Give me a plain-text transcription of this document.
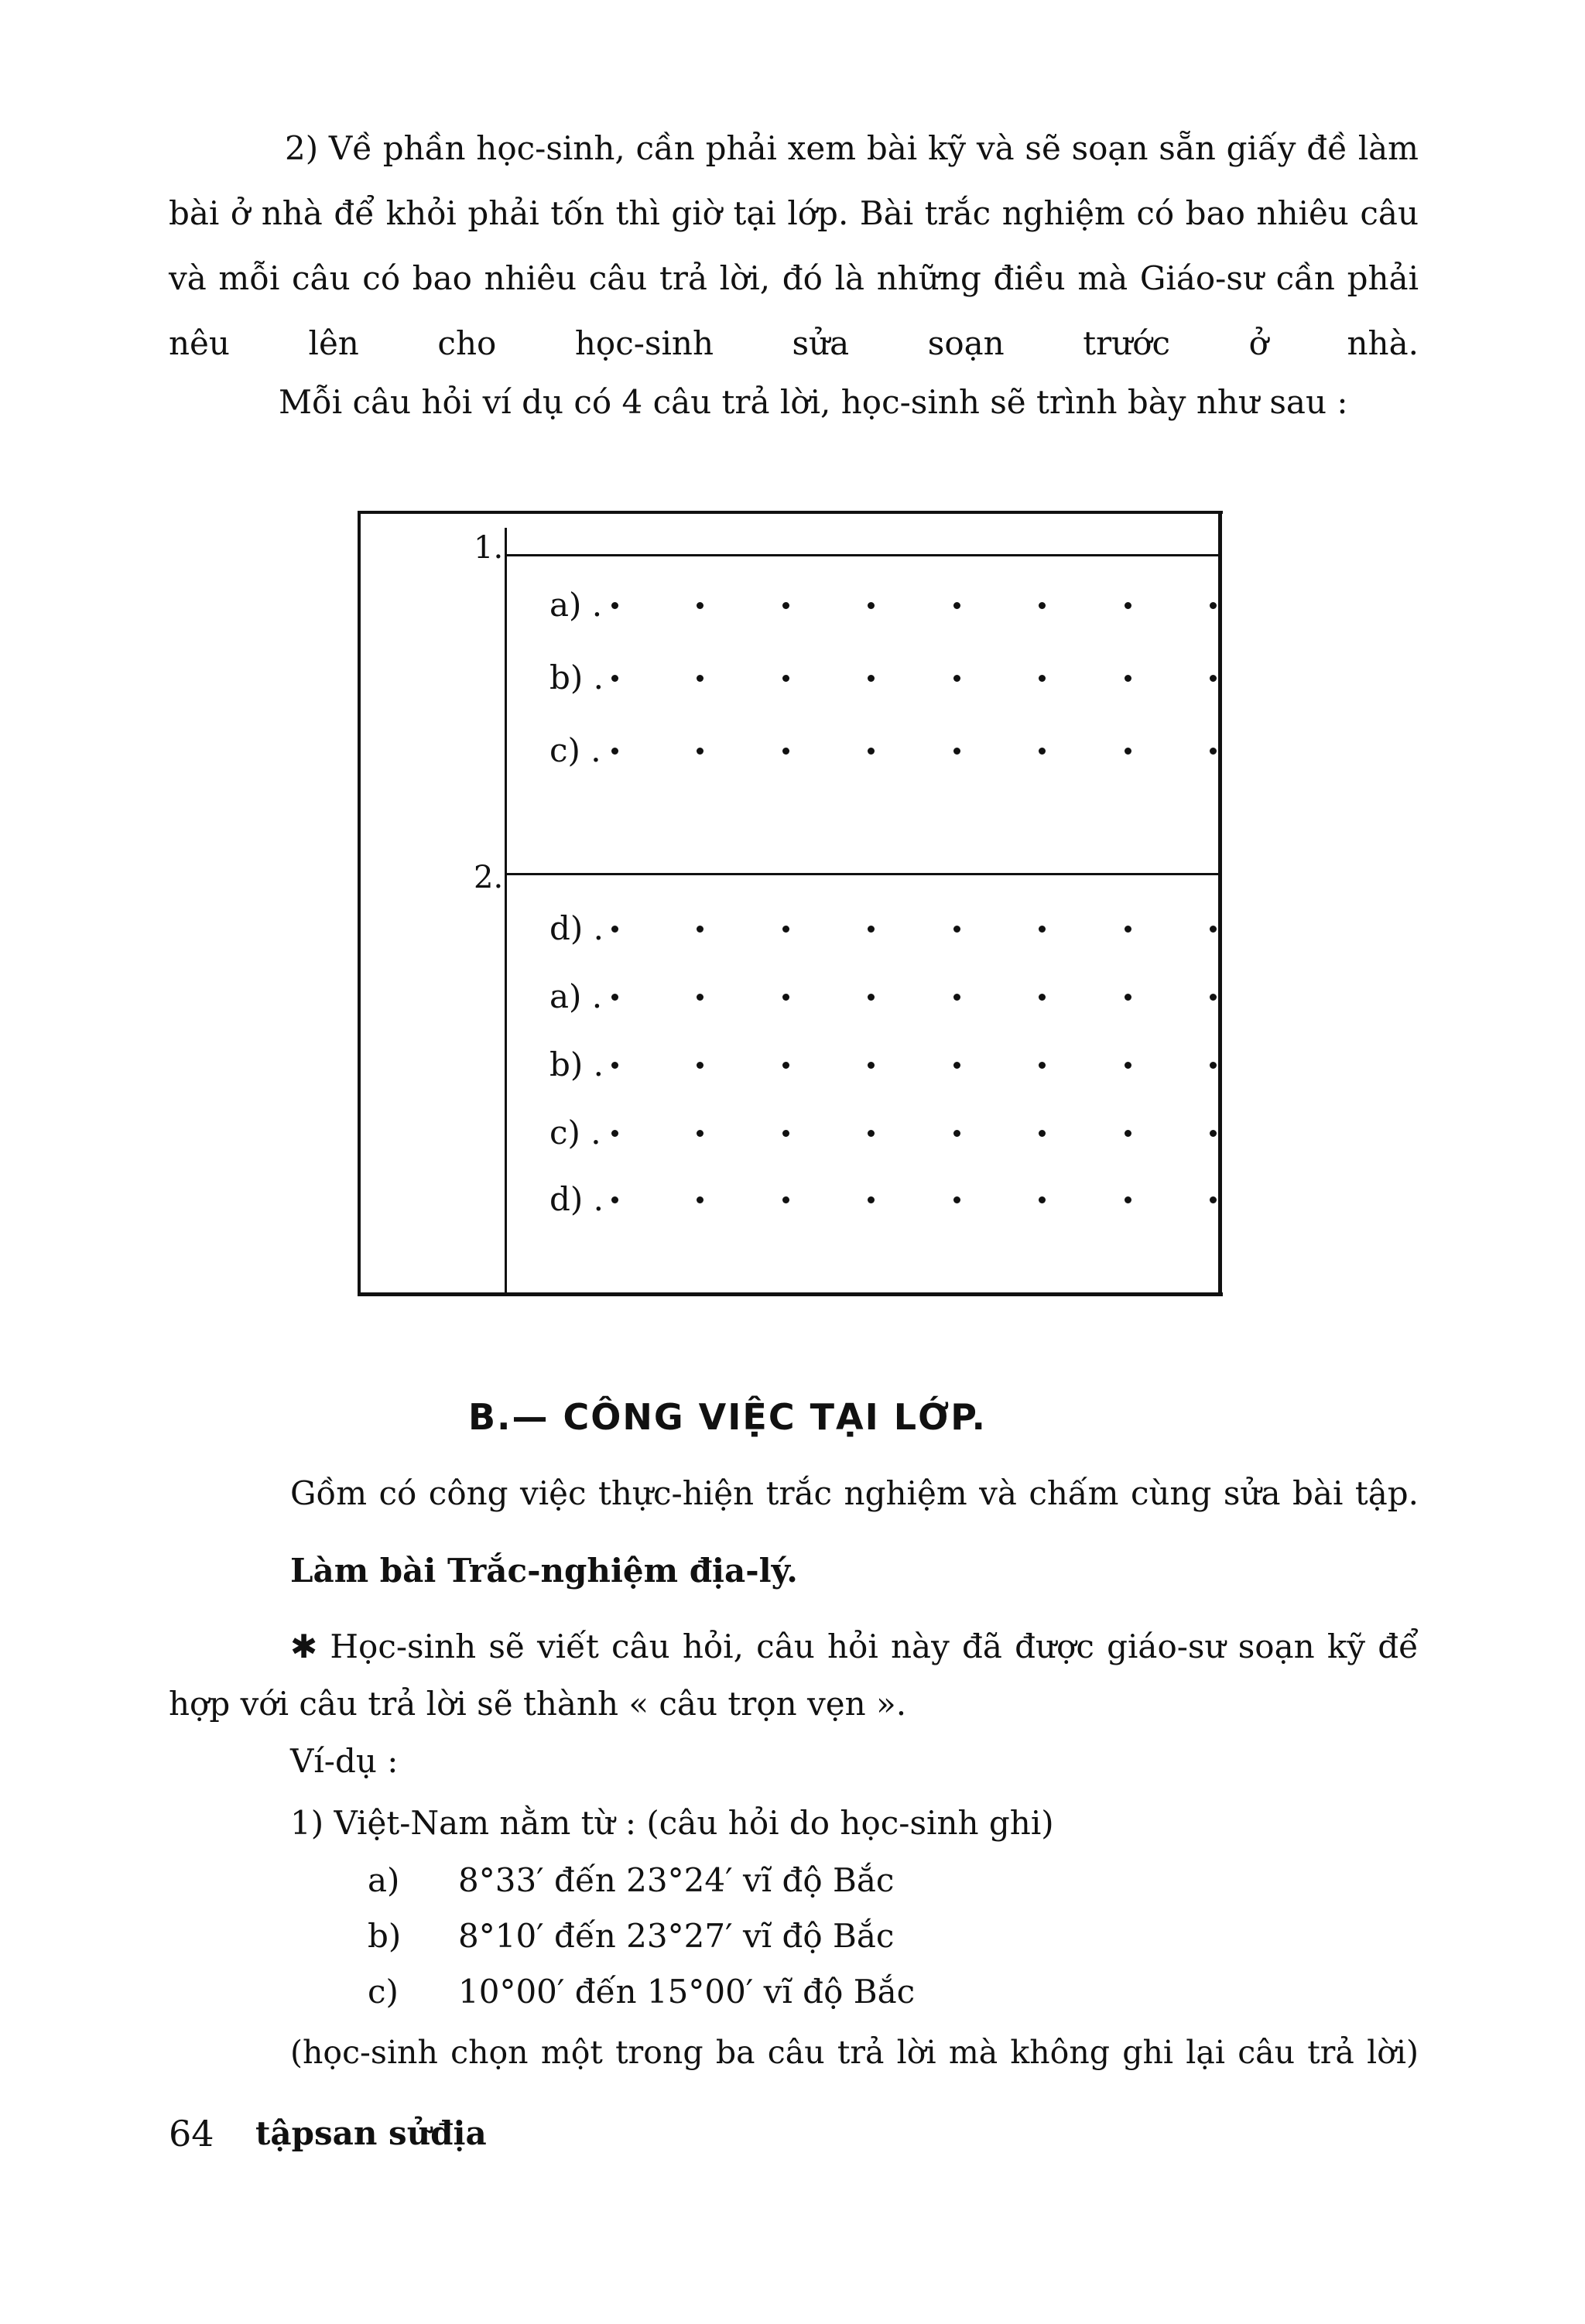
2) Về phần học-sinh, cần phải xem bài kỹ và sẽ soạn sẵn giấy đề làm bài ở nhà để khỏi phải tốn thì giờ tại lớp. Bài trắc nghiệm có bao nhiêu câu và mỗi câu có bao nhiêu câu trả lời, đó là những điều mà Giáo-sư cần phải nêu lên cho học-sinh sửa soạn trước ở nhà.

Mỗi câu hỏi ví dụ có 4 câu trả lời, học-sinh sẽ trình bày như sau :
1.
a) .
b) .
c) .
2.
d) .
a) .
b) .
c) .
d) .
B.— CÔNG VIỆC TẠI LỚP.
Gồm có công việc thực-hiện trắc nghiệm và chấm cùng sửa bài tập.
Làm bài Trắc-nghiệm địa-lý.
✱ Học-sinh sẽ viết câu hỏi, câu hỏi này đã được giáo-sư soạn kỹ để
hợp với câu trả lời sẽ thành « câu trọn vẹn ».
Ví-dụ :
1) Việt-Nam nằm từ : (câu hỏi do học-sinh ghi)
a) 8°33′ đến 23°24′ vĩ độ Bắc
b) 8°10′ đến 23°27′ vĩ độ Bắc
c) 10°00′ đến 15°00′ vĩ độ Bắc
(học-sinh chọn một trong ba câu trả lời mà không ghi lại câu trả lời)
64 tậpsan sửđịa
